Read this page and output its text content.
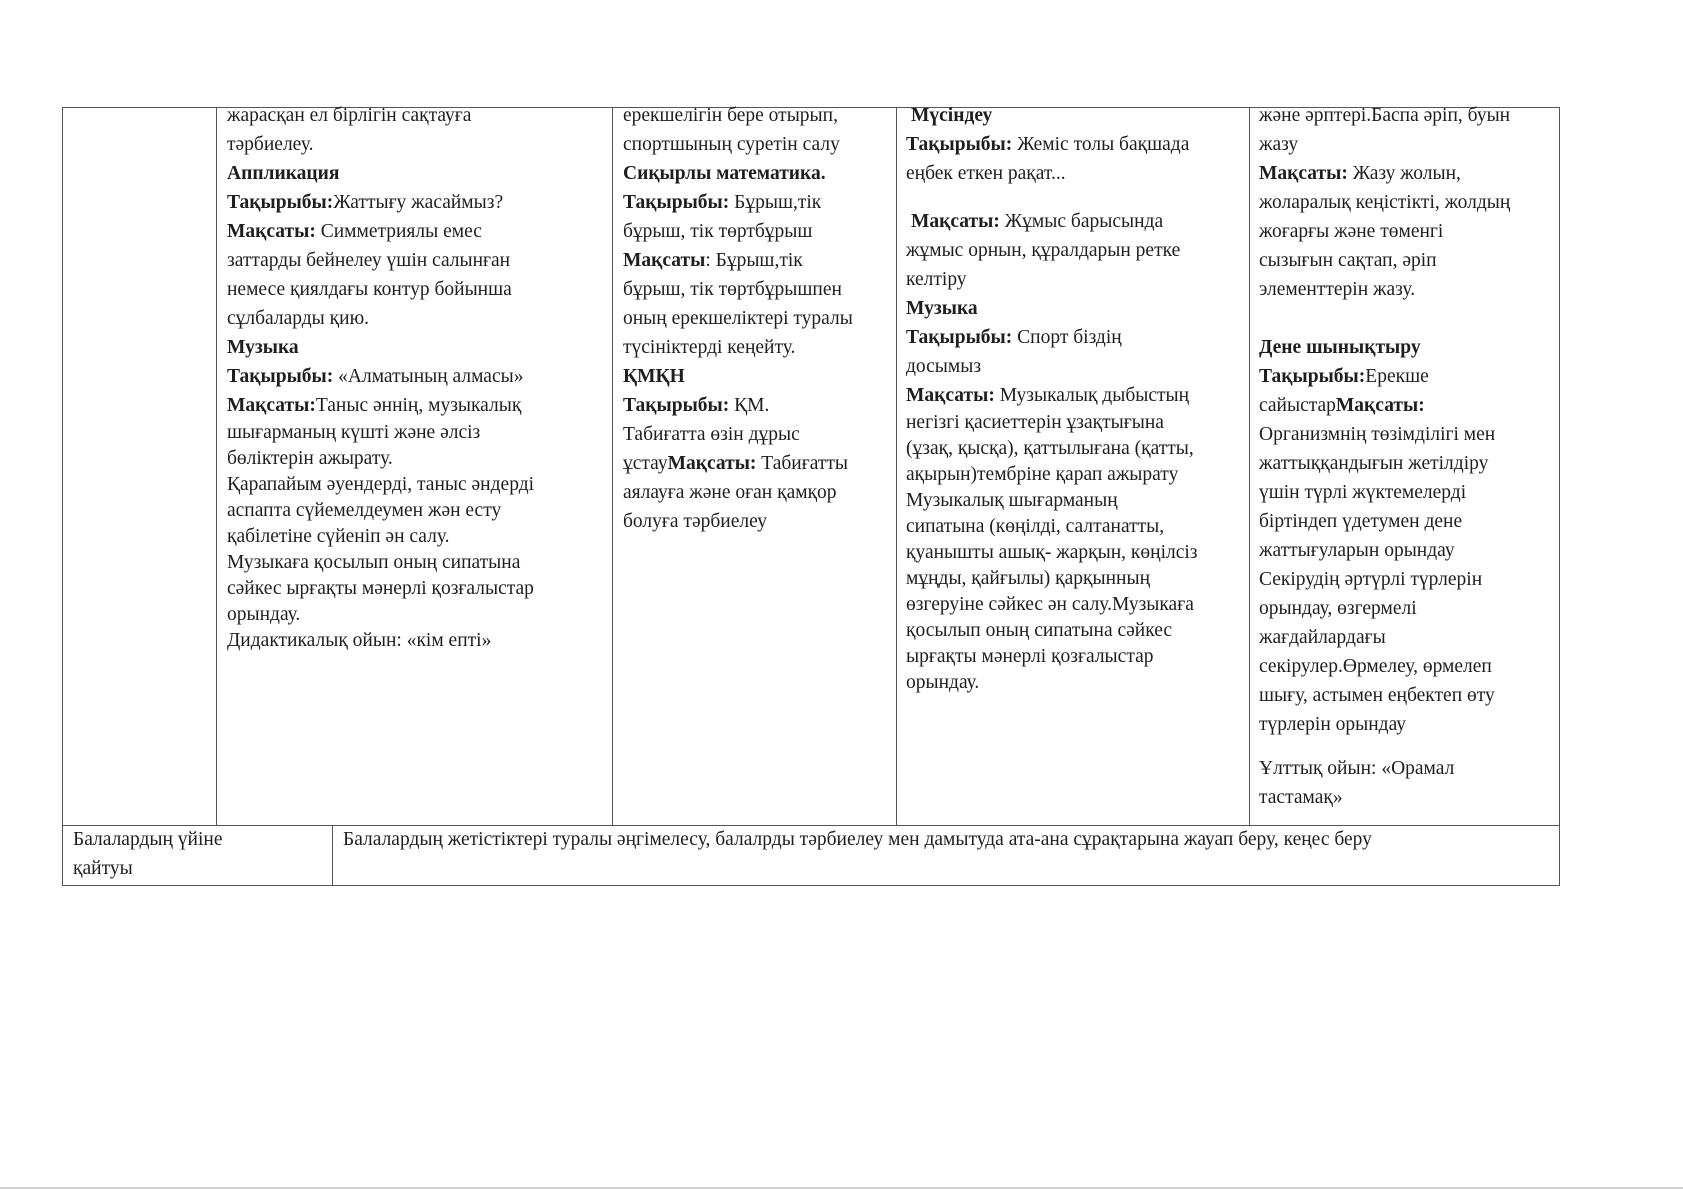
жарасқан ел бірлігін сақтауға
тәрбиелеу.
Аппликация
Тақырыбы:Жаттығу жасаймыз?
Мақсаты: Симметриялы емес
заттарды бейнелеу үшін салынған
немесе қиялдағы контур бойынша
сұлбаларды қию.
Музыка
Тақырыбы: «Алматының алмасы»
Мақсаты:Таныс әннің, музыкалық
шығарманың күшті және әлсіз
бөліктерін ажырату.
Қарапайым әуендерді, таныс әндерді
аспапта сүйемелдеумен жән есту
қабілетіне сүйеніп ән салу.
Музыкаға қосылып оның сипатына
сәйкес ырғақты мәнерлі қозғалыстар
орындау.
Дидактикалық ойын: «кім епті»
ерекшелігін бере отырып,
спортшының суретін салу
Сиқырлы математика.
Тақырыбы: Бұрыш,тік
бұрыш, тік төртбұрыш
Мақсаты: Бұрыш,тік
бұрыш, тік төртбұрышпен
оның ерекшеліктері туралы
түсініктерді кеңейту.
ҚМҚН
Тақырыбы: ҚМ.
Табиғатта өзін дұрыс
ұстауМақсаты: Табиғатты
аялауға және оған қамқор
болуға тәрбиелеу
Мүсіндеу
Тақырыбы: Жеміс толы бақшада
еңбек еткен рақат...
Мақсаты: Жұмыс барысында
жұмыс орнын, құралдарын ретке
келтіру
Музыка
Тақырыбы: Спорт біздің
досымыз
Мақсаты: Музыкалық дыбыстың
негізгі қасиеттерін ұзақтығына
(ұзақ, қысқа), қаттылығана (қатты,
ақырын)тембріне қарап ажырату
Музыкалық шығарманың
сипатына (көңілді, салтанатты,
қуанышты ашық- жарқын, көңілсіз
мұңды, қайғылы) қарқынның
өзгеруіне сәйкес ән салу.Музыкаға
қосылып оның сипатына сәйкес
ырғақты мәнерлі қозғалыстар
орындау.
және әрптері.Баспа әріп, буын
жазу
Мақсаты: Жазу жолын,
жоларалық кеңістікті, жолдың
жоғарғы және төменгі
сызығын сақтап, әріп
элементтерін жазу.

Дене шынықтыру
Тақырыбы:Ерекше
сайыстарМақсаты:
Организмнің төзімділігі мен
жаттыққандығын жетілдіру
үшін түрлі жүктемелерді
біртіндеп үдетумен дене
жаттығуларын орындау
Секірудің әртүрлі түрлерін
орындау, өзгермелі
жағдайлардағы
секірулер.Өрмелеу, өрмелеп
шығу, астымен еңбектеп өту
түрлерін орындау
Ұлттық ойын: «Орамал
тастамақ»
Балалардың үйіне
қайтуы
Балалардың жетістіктері туралы әңгімелесу, балалрды тәрбиелеу мен дамытуда ата-ана сұрақтарына жауап беру, кеңес беру
